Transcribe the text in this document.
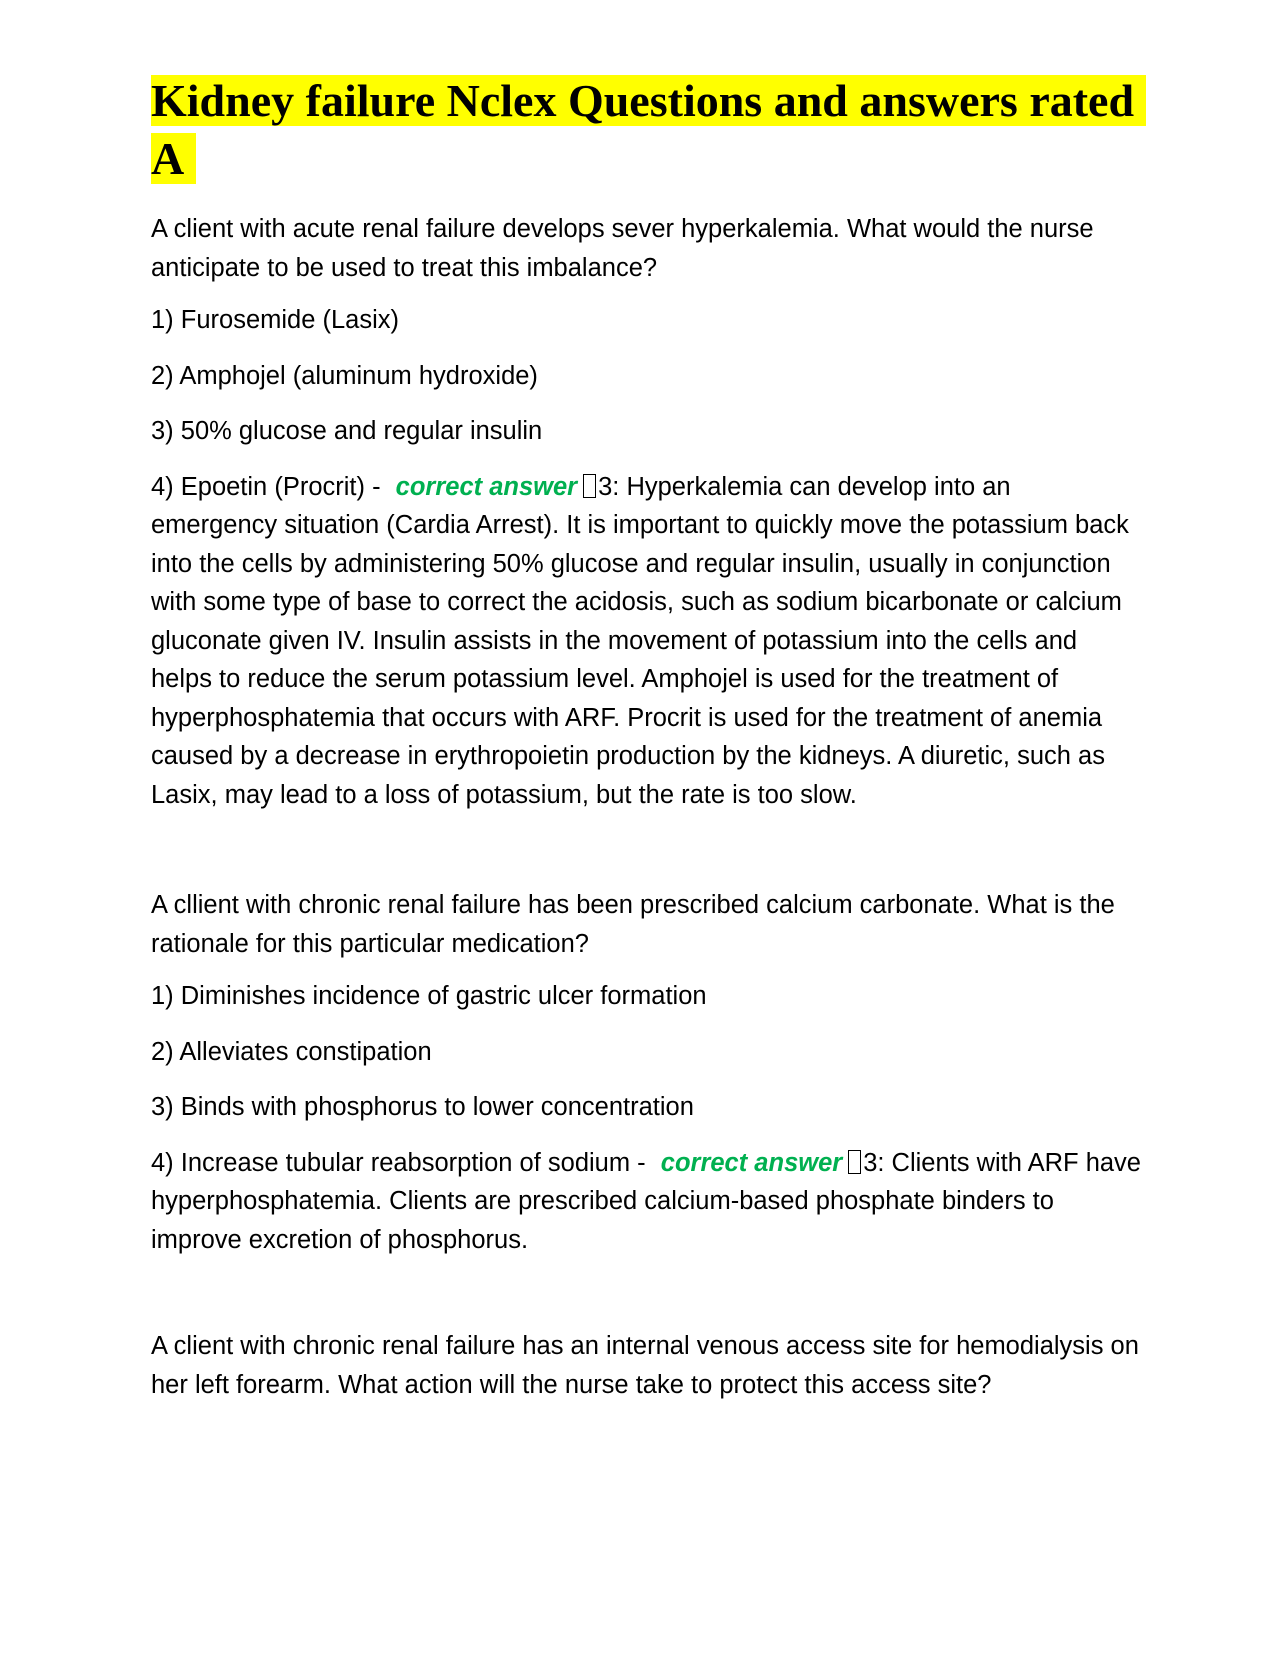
Kidney failure Nclex Questions and answers rated A

A client with acute renal failure develops sever hyperkalemia. What would the nurse anticipate to be used to treat this imbalance?

1) Furosemide (Lasix)

2) Amphojel (aluminum hydroxide)

3) 50% glucose and regular insulin

4) Epoetin (Procrit) - correct answer 3: Hyperkalemia can develop into an emergency situation (Cardia Arrest). It is important to quickly move the potassium back into the cells by administering 50% glucose and regular insulin, usually in conjunction with some type of base to correct the acidosis, such as sodium bicarbonate or calcium gluconate given IV. Insulin assists in the movement of potassium into the cells and helps to reduce the serum potassium level. Amphojel is used for the treatment of hyperphosphatemia that occurs with ARF. Procrit is used for the treatment of anemia caused by a decrease in erythropoietin production by the kidneys. A diuretic, such as Lasix, may lead to a loss of potassium, but the rate is too slow.

A cllient with chronic renal failure has been prescribed calcium carbonate. What is the rationale for this particular medication?

1) Diminishes incidence of gastric ulcer formation

2) Alleviates constipation

3) Binds with phosphorus to lower concentration

4) Increase tubular reabsorption of sodium - correct answer 3: Clients with ARF have hyperphosphatemia. Clients are prescribed calcium-based phosphate binders to improve excretion of phosphorus.

A client with chronic renal failure has an internal venous access site for hemodialysis on her left forearm. What action will the nurse take to protect this access site?
